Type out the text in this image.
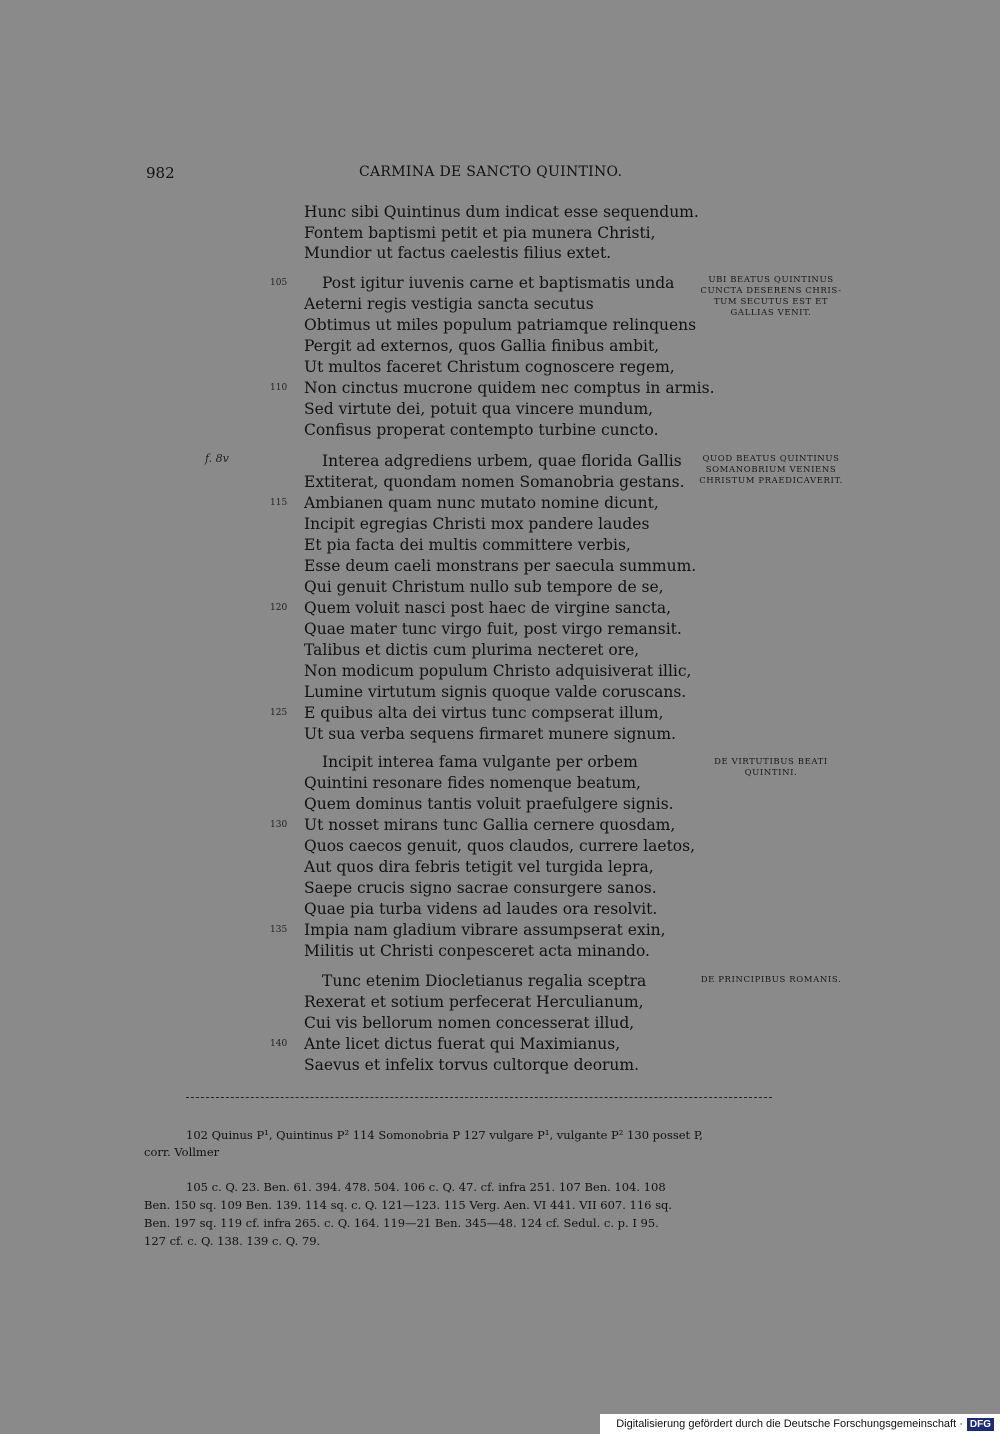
982	CARMINA DE SANCTO QUINTINO.
Hunc sibi Quintinus dum indicat esse sequendum.
Fontem baptismi petit et pia munera Christi,
Mundior ut factus caelestis filius extet.
Post igitur iuvenis carne et baptismatis unda
105
Aeterni regis vestigia sancta secutus
Obtimus ut miles populum patriamque relinquens
Pergit ad externos, quos Gallia finibus ambit,
Ut multos faceret Christum cognoscere regem,
Non cinctus mucrone quidem nec comptus in armis.
110
Sed virtute dei, potuit qua vincere mundum,
Confisus properat contempto turbine cuncto.
Interea adgrediens urbem, quae florida Gallis
Extiterat, quondam nomen Somanobria gestans.
Ambianen quam nunc mutato nomine dicunt,
115
Incipit egregias Christi mox pandere laudes
Et pia facta dei multis committere verbis,
Esse deum caeli monstrans per saecula summum.
Qui genuit Christum nullo sub tempore de se,
Quem voluit nasci post haec de virgine sancta,
120
Quae mater tunc virgo fuit, post virgo remansit.
Talibus et dictis cum plurima necteret ore,
Non modicum populum Christo adquisiverat illic,
Lumine virtutum signis quoque valde coruscans.
E quibus alta dei virtus tunc compserat illum,
125
Ut sua verba sequens firmaret munere signum.
Incipit interea fama vulgante per orbem
Quintini resonare fides nomenque beatum,
Quem dominus tantis voluit praefulgere signis.
Ut nosset mirans tunc Gallia cernere quosdam,
130
Quos caecos genuit, quos claudos, currere laetos,
Aut quos dira febris tetigit vel turgida lepra,
Saepe crucis signo sacrae consurgere sanos.
Quae pia turba videns ad laudes ora resolvit.
Impia nam gladium vibrare assumpserat exin,
135
Militis ut Christi conpesceret acta minando.
Tunc etenim Diocletianus regalia sceptra
Rexerat et sotium perfecerat Herculianum,
Cui vis bellorum nomen concesserat illud,
Ante licet dictus fuerat qui Maximianus,
140
Saevus et infelix torvus cultorque deorum.
f. 8v
UBI BEATUS QUINTINUS
CUNCTA DESERENS CHRIS-
TUM SECUTUS EST ET
GALLIAS VENIT.
QUOD BEATUS QUINTINUS
SOMANOBRIUM VENIENS
CHRISTUM PRAEDICAVERIT.
DE VIRTUTIBUS BEATI
QUINTINI.
DE PRINCIPIBUS ROMANIS.
102 Quinus P¹, Quintinus P² 114 Somonobria P 127 vulgare P¹, vulgante P² 130 posset P,
corr. Vollmer
105 c. Q. 23. Ben. 61. 394. 478. 504. 106 c. Q. 47. cf. infra 251. 107 Ben. 104. 108
Ben. 150 sq. 109 Ben. 139. 114 sq. c. Q. 121—123. 115 Verg. Aen. VI 441. VII 607. 116 sq.
Ben. 197 sq. 119 cf. infra 265. c. Q. 164. 119—21 Ben. 345—48. 124 cf. Sedul. c. p. I 95.
127 cf. c. Q. 138. 139 c. Q. 79.
Digitalisierung gefördert durch die Deutsche Forschungsgemeinschaft · DFG
